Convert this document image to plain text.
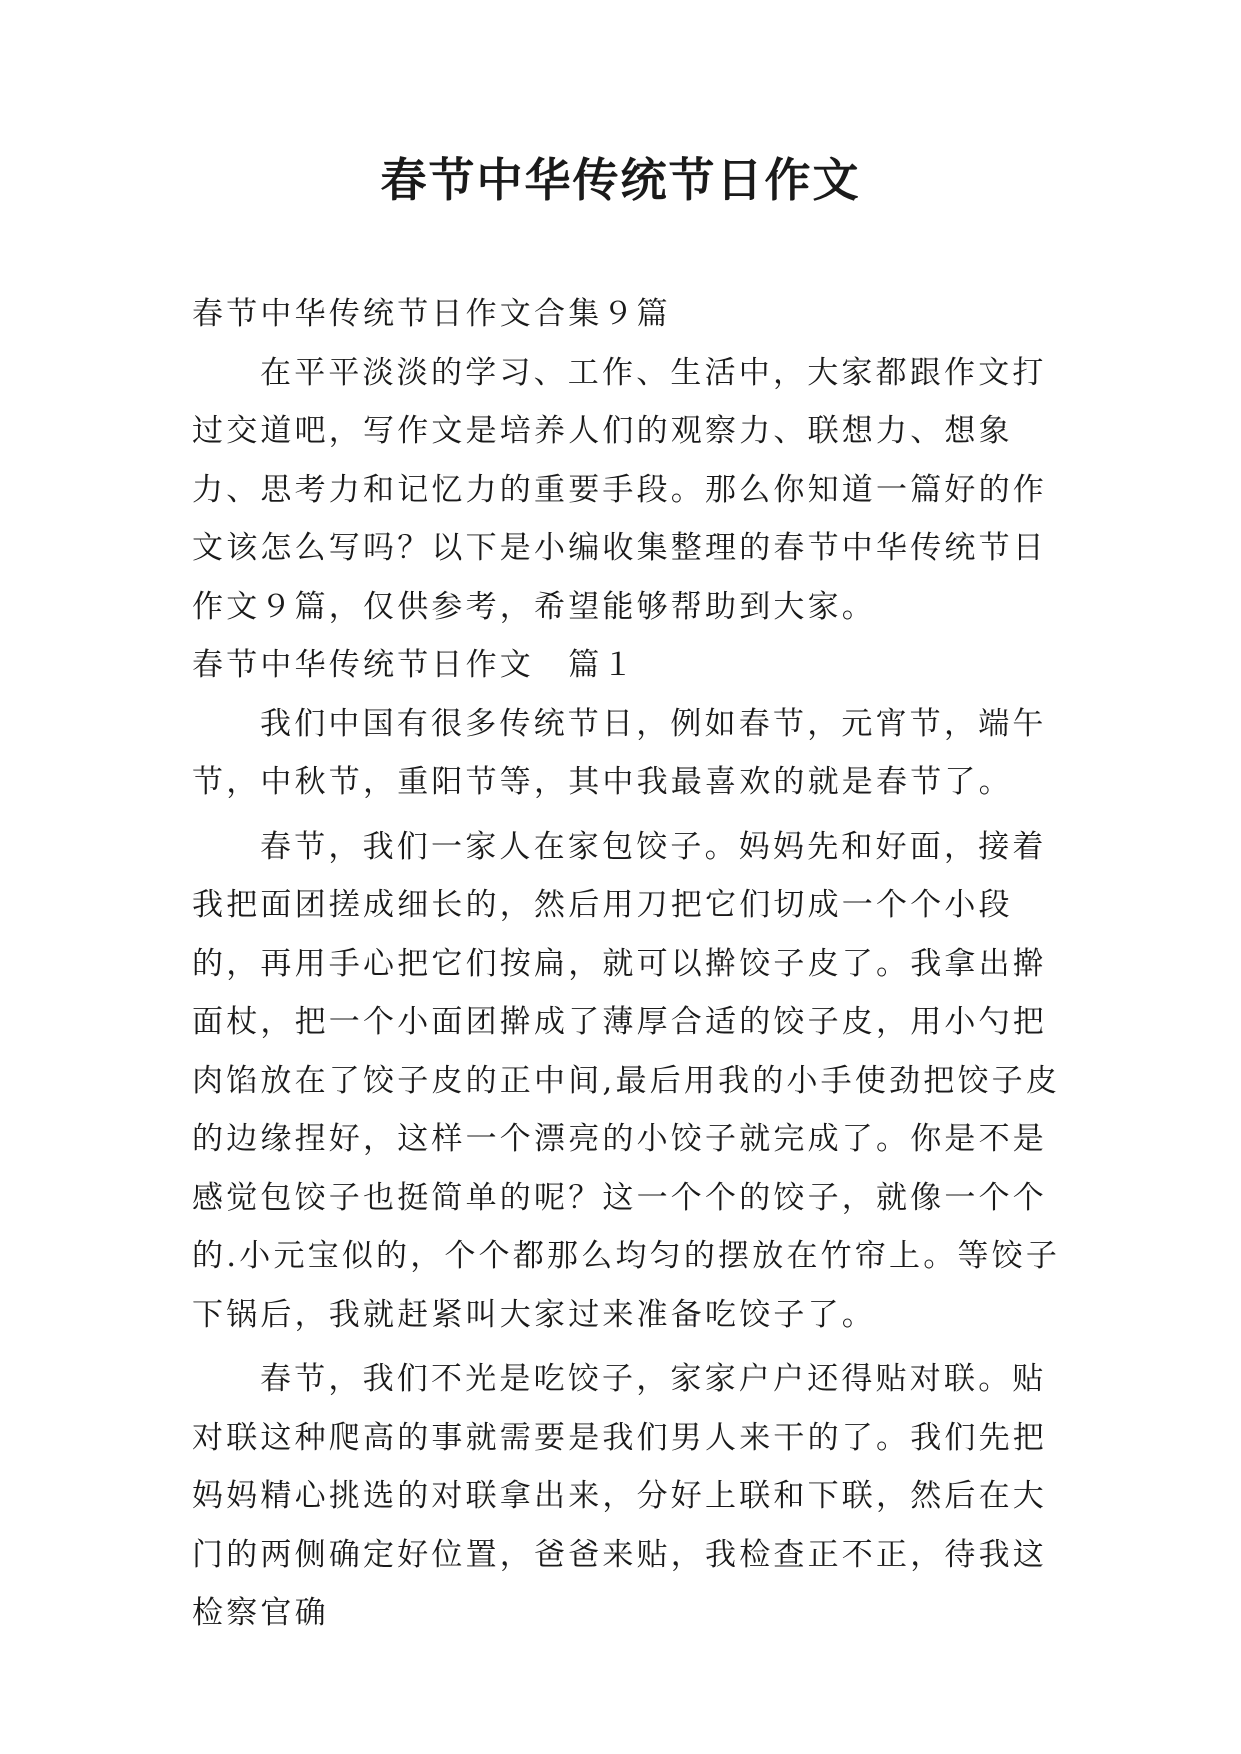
春节中华传统节日作文

春节中华传统节日作文合集９篇

在平平淡淡的学习、工作、生活中，大家都跟作文打过交道吧，写作文是培养人们的观察力、联想力、想象力、思考力和记忆力的重要手段。那么你知道一篇好的作文该怎么写吗？以下是小编收集整理的春节中华传统节日作文９篇，仅供参考，希望能够帮助到大家。

春节中华传统节日作文　篇１

我们中国有很多传统节日，例如春节，元宵节，端午节，中秋节，重阳节等，其中我最喜欢的就是春节了。

春节，我们一家人在家包饺子。妈妈先和好面，接着我把面团搓成细长的，然后用刀把它们切成一个个小段的，再用手心把它们按扁，就可以擀饺子皮了。我拿出擀面杖，把一个小面团擀成了薄厚合适的饺子皮，用小勺把肉馅放在了饺子皮的正中间,最后用我的小手使劲把饺子皮的边缘捏好，这样一个漂亮的小饺子就完成了。你是不是感觉包饺子也挺简单的呢？这一个个的饺子，就像一个个的.小元宝似的，个个都那么均匀的摆放在竹帘上。等饺子下锅后，我就赶紧叫大家过来准备吃饺子了。

春节，我们不光是吃饺子，家家户户还得贴对联。贴对联这种爬高的事就需要是我们男人来干的了。我们先把妈妈精心挑选的对联拿出来，分好上联和下联，然后在大门的两侧确定好位置，爸爸来贴，我检查正不正，待我这检察官确
